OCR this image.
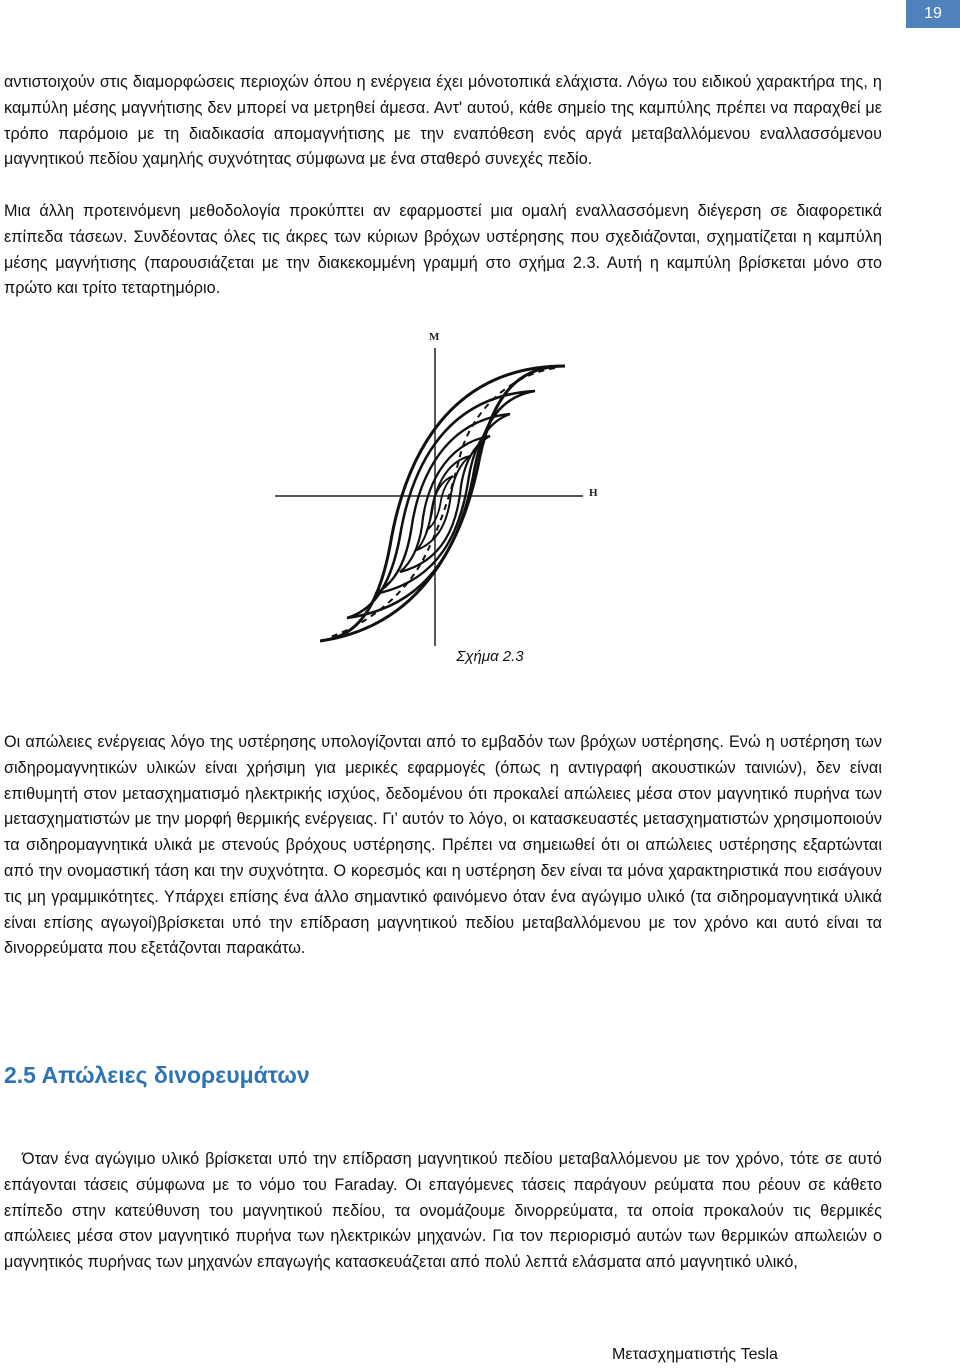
19

αντιστοιχούν στις διαμορφώσεις περιοχών όπου η ενέργεια έχει μόνοτοπικά ελάχιστα. Λόγω του ειδικού χαρακτήρα της, η καμπύλη μέσης μαγνήτισης δεν μπορεί να μετρηθεί άμεσα. Αντ' αυτού, κάθε σημείο της καμπύλης πρέπει να παραχθεί με τρόπο παρόμοιο με τη διαδικασία απομαγνήτισης με την εναπόθεση ενός αργά μεταβαλλόμενου εναλλασσόμενου μαγνητικού πεδίου χαμηλής συχνότητας σύμφωνα με ένα σταθερό συνεχές πεδίο.

Μια άλλη προτεινόμενη μεθοδολογία προκύπτει αν εφαρμοστεί μια ομαλή εναλλασσόμενη διέγερση σε διαφορετικά επίπεδα τάσεων. Συνδέοντας όλες τις άκρες των κύριων βρόχων υστέρησης που σχεδιάζονται, σχηματίζεται η καμπύλη μέσης μαγνήτισης (παρουσιάζεται με την διακεκομμένη γραμμή στο σχήμα 2.3. Αυτή η καμπύλη βρίσκεται μόνο στο πρώτο και τρίτο τεταρτημόριο.

M
H
Σχήμα 2.3

Οι απώλειες ενέργειας λόγο της υστέρησης υπολογίζονται από το εμβαδόν των βρόχων υστέρησης. Ενώ η υστέρηση των σιδηρομαγνητικών υλικών είναι χρήσιμη για μερικές εφαρμογές (όπως η αντιγραφή ακουστικών ταινιών), δεν είναι επιθυμητή στον μετασχηματισμό ηλεκτρικής ισχύος, δεδομένου ότι προκαλεί απώλειες μέσα στον μαγνητικό πυρήνα των μετασχηματιστών με την μορφή θερμικής ενέργειας. Γι’ αυτόν το λόγο, οι κατασκευαστές μετασχηματιστών χρησιμοποιούν τα σιδηρομαγνητικά υλικά με στενούς βρόχους υστέρησης. Πρέπει να σημειωθεί ότι οι απώλειες υστέρησης εξαρτώνται από την ονομαστική τάση και την συχνότητα. Ο κορεσμός και η υστέρηση δεν είναι τα μόνα χαρακτηριστικά που εισάγουν τις μη γραμμικότητες. Υπάρχει επίσης ένα άλλο σημαντικό φαινόμενο όταν ένα αγώγιμο υλικό (τα σιδηρομαγνητικά υλικά είναι επίσης αγωγοί)βρίσκεται υπό την επίδραση μαγνητικού πεδίου μεταβαλλόμενου με τον χρόνο και αυτό είναι τα δινορρεύματα που εξετάζονται παρακάτω.

2.5 Απώλειες δινορευμάτων

Όταν ένα αγώγιμο υλικό βρίσκεται υπό την επίδραση μαγνητικού πεδίου μεταβαλλόμενου με τον χρόνο, τότε σε αυτό επάγονται τάσεις σύμφωνα με το νόμο του Faraday. Οι επαγόμενες τάσεις παράγουν ρεύματα που ρέουν σε κάθετο επίπεδο στην κατεύθυνση του μαγνητικού πεδίου, τα ονομάζουμε δινορρεύματα, τα οποία προκαλούν τις θερμικές απώλειες μέσα στον μαγνητικό πυρήνα των ηλεκτρικών μηχανών. Για τον περιορισμό αυτών των θερμικών απωλειών ο μαγνητικός πυρήνας των μηχανών επαγωγής κατασκευάζεται από πολύ λεπτά ελάσματα από μαγνητικό υλικό,

Μετασχηματιστής Tesla
